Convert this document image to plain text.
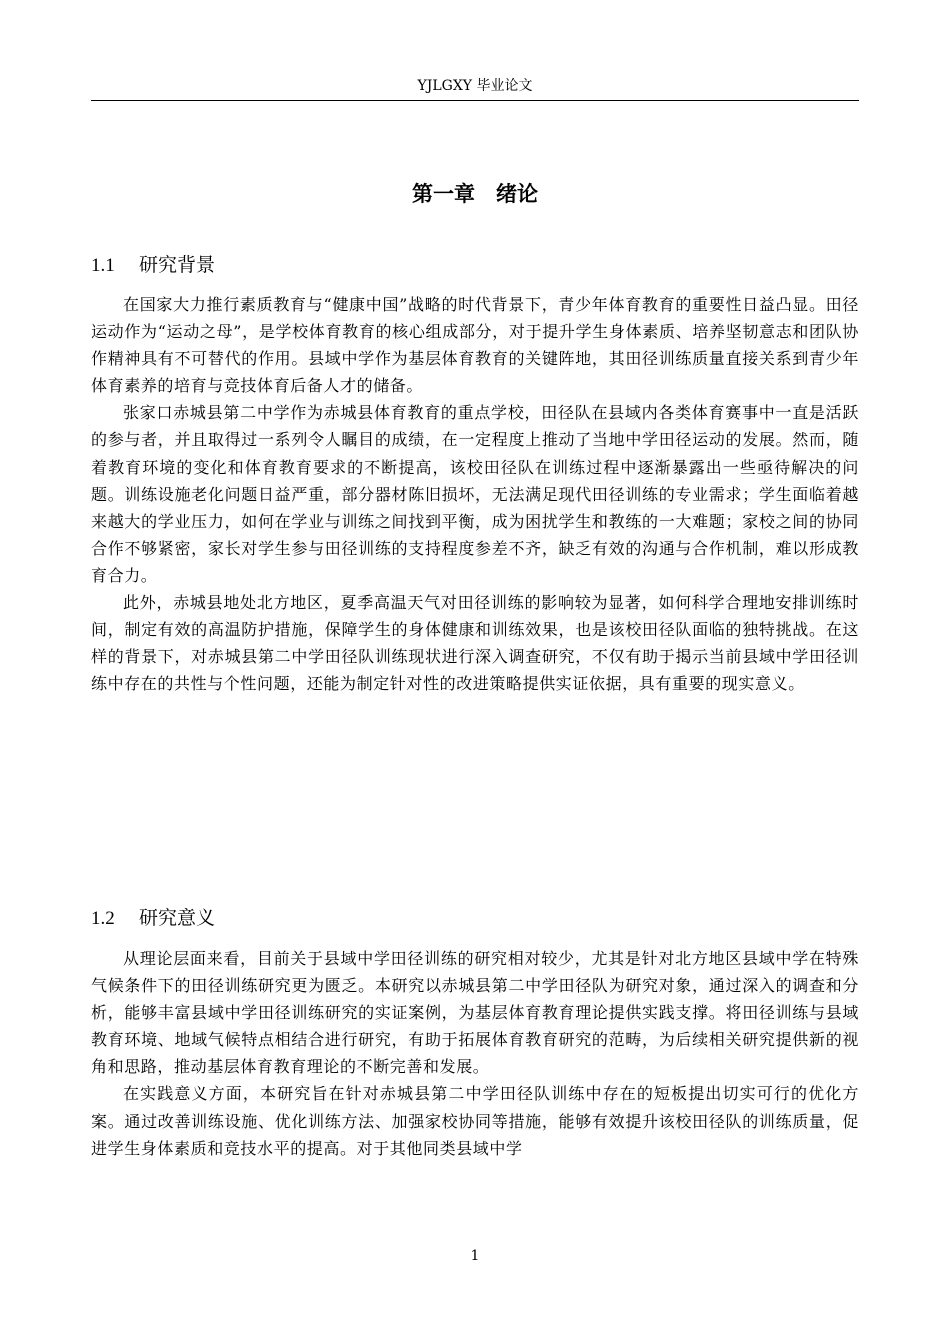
YJLGXY 毕业论文
第一章　绪论
1.1 研究背景

在国家大力推行素质教育与“健康中国”战略的时代背景下，青少年体育教育的重要性日益凸显。田径运动作为“运动之母”，是学校体育教育的核心组成部分，对于提升学生身体素质、培养坚韧意志和团队协作精神具有不可替代的作用。县域中学作为基层体育教育的关键阵地，其田径训练质量直接关系到青少年体育素养的培育与竞技体育后备人才的储备。

张家口赤城县第二中学作为赤城县体育教育的重点学校，田径队在县域内各类体育赛事中一直是活跃的参与者，并且取得过一系列令人瞩目的成绩，在一定程度上推动了当地中学田径运动的发展。然而，随着教育环境的变化和体育教育要求的不断提高，该校田径队在训练过程中逐渐暴露出一些亟待解决的问题。训练设施老化问题日益严重，部分器材陈旧损坏，无法满足现代田径训练的专业需求；学生面临着越来越大的学业压力，如何在学业与训练之间找到平衡，成为困扰学生和教练的一大难题；家校之间的协同合作不够紧密，家长对学生参与田径训练的支持程度参差不齐，缺乏有效的沟通与合作机制，难以形成教育合力。

此外，赤城县地处北方地区，夏季高温天气对田径训练的影响较为显著，如何科学合理地安排训练时间，制定有效的高温防护措施，保障学生的身体健康和训练效果，也是该校田径队面临的独特挑战。在这样的背景下，对赤城县第二中学田径队训练现状进行深入调查研究，不仅有助于揭示当前县域中学田径训练中存在的共性与个性问题，还能为制定针对性的改进策略提供实证依据，具有重要的现实意义。

1.2 研究意义

从理论层面来看，目前关于县域中学田径训练的研究相对较少，尤其是针对北方地区县域中学在特殊气候条件下的田径训练研究更为匮乏。本研究以赤城县第二中学田径队为研究对象，通过深入的调查和分析，能够丰富县域中学田径训练研究的实证案例，为基层体育教育理论提供实践支撑。将田径训练与县域教育环境、地域气候特点相结合进行研究，有助于拓展体育教育研究的范畴，为后续相关研究提供新的视角和思路，推动基层体育教育理论的不断完善和发展。

在实践意义方面，本研究旨在针对赤城县第二中学田径队训练中存在的短板提出切实可行的优化方案。通过改善训练设施、优化训练方法、加强家校协同等措施，能够有效提升该校田径队的训练质量，促进学生身体素质和竞技水平的提高。对于其他同类县域中学

1
